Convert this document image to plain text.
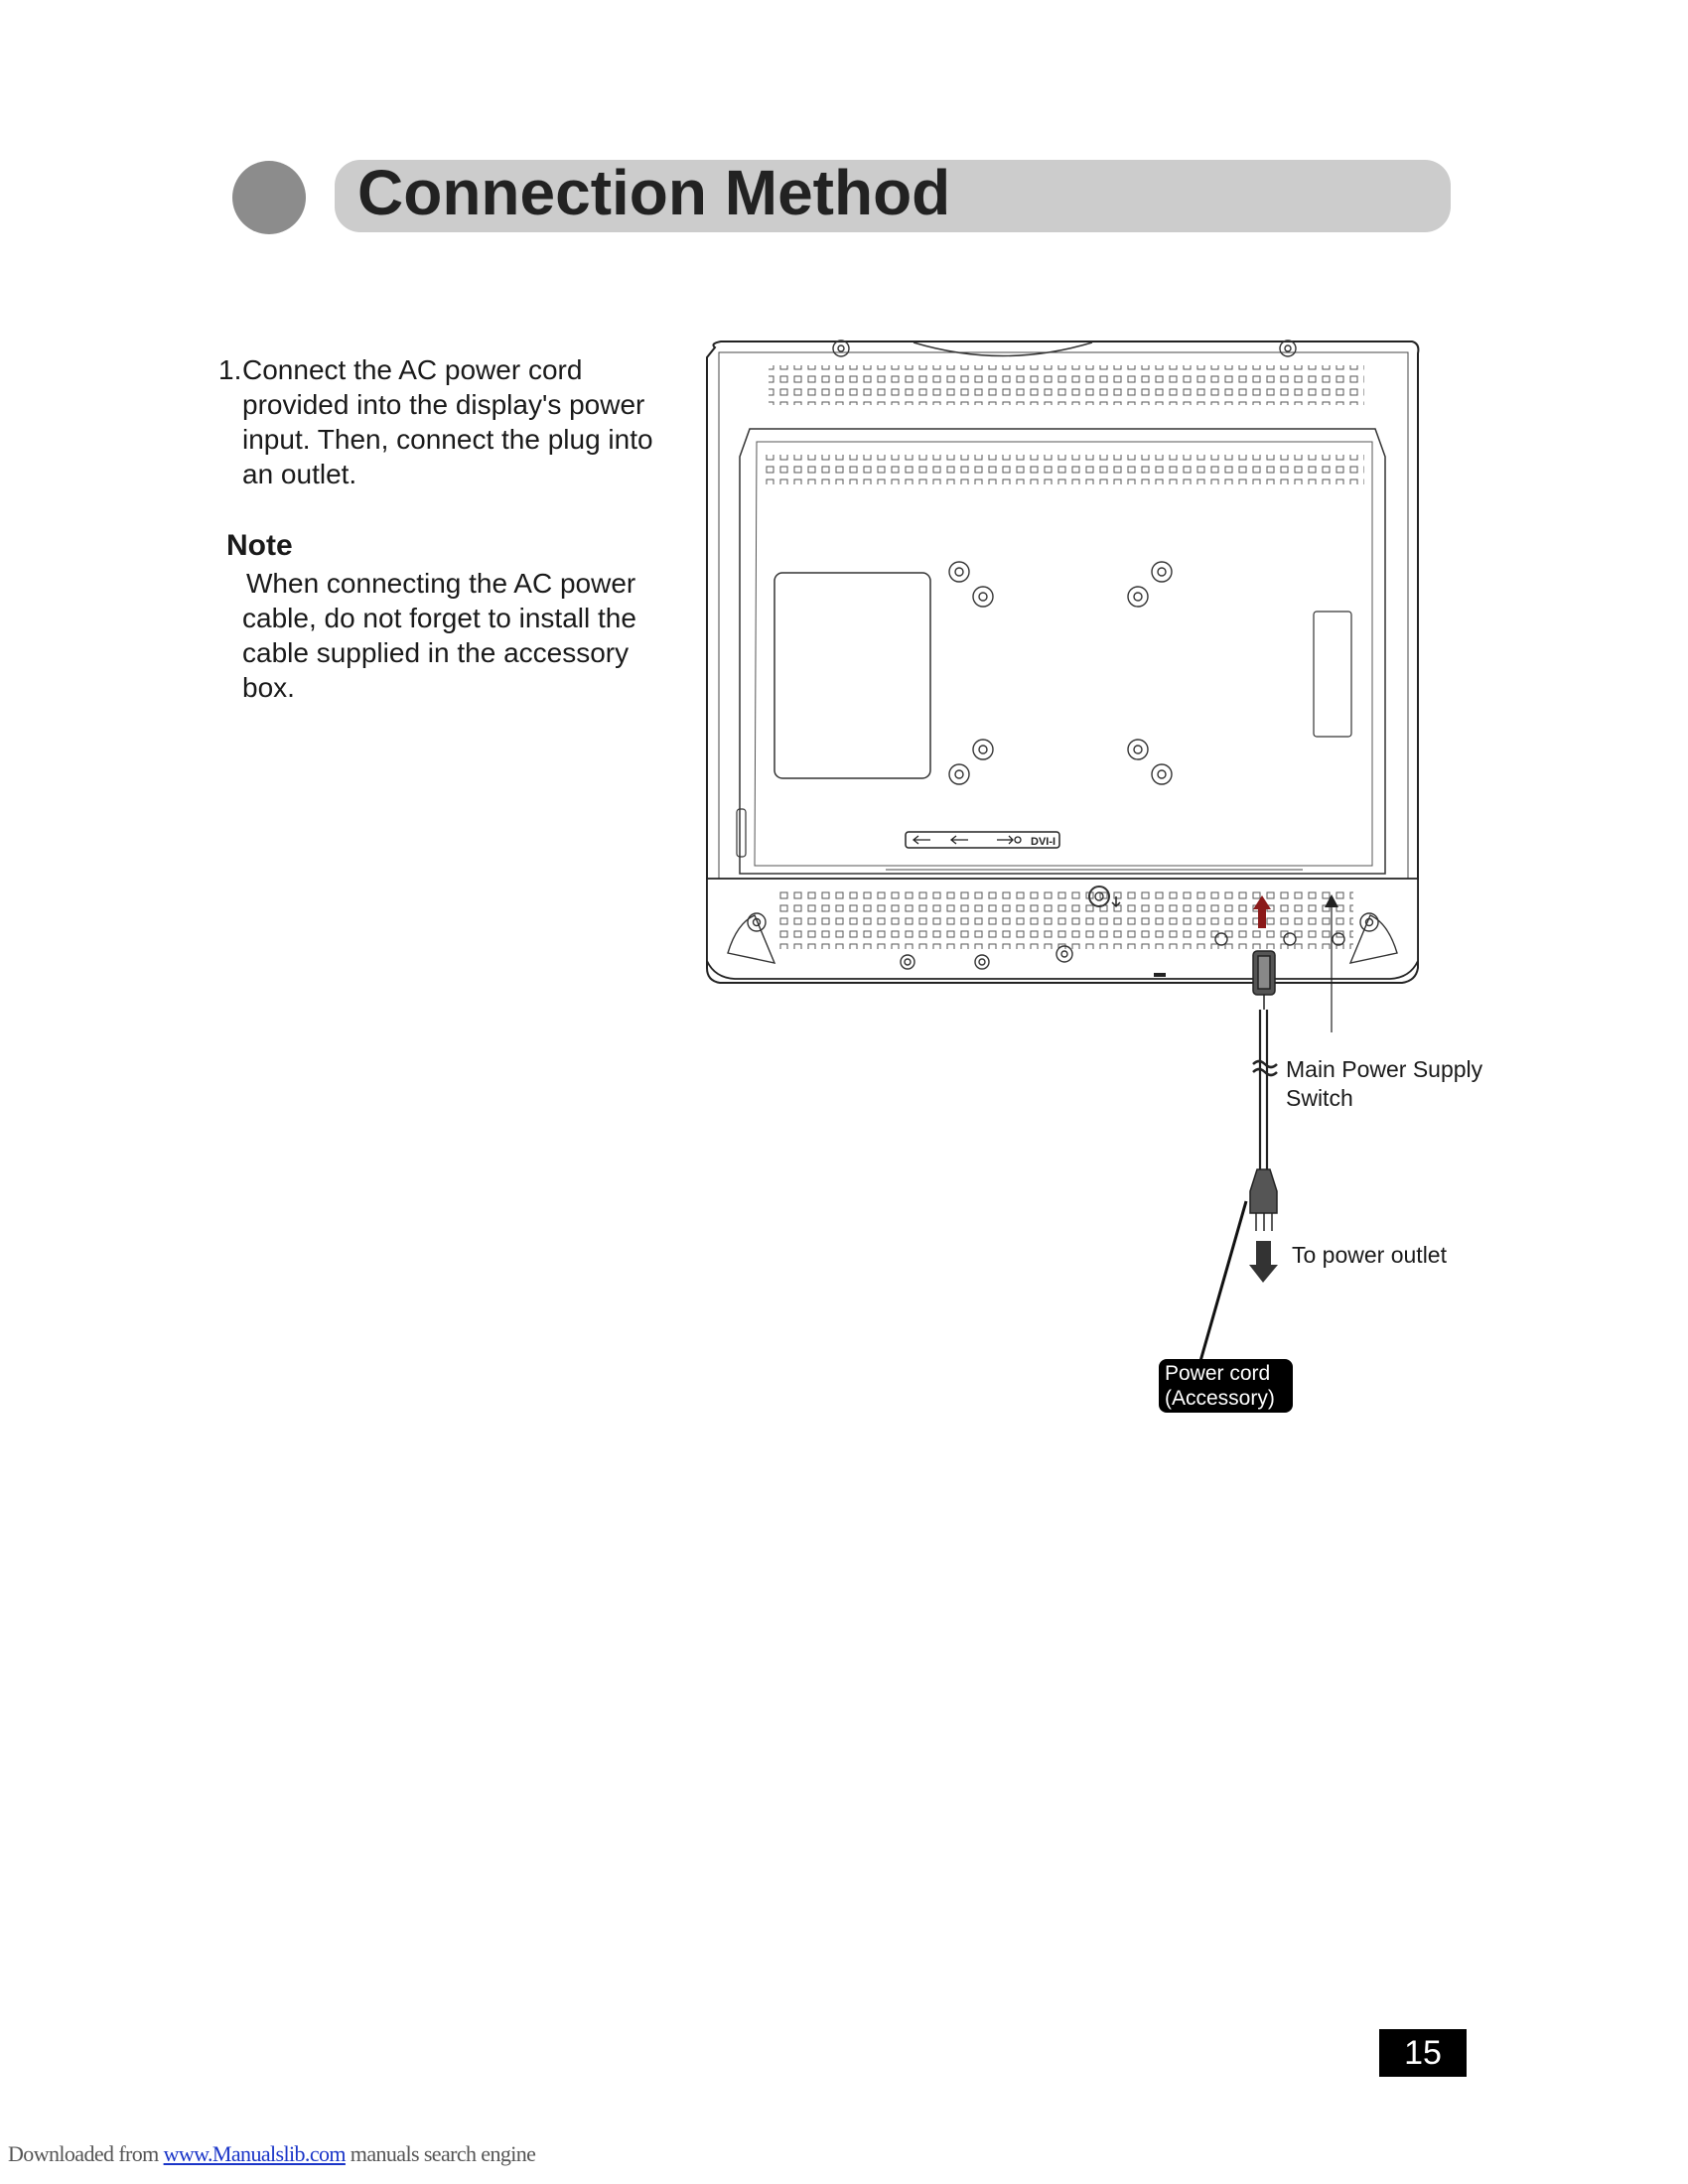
Connection Method
1. Connect the AC power cord provided into the display's power input. Then, connect the plug into an outlet.
Note
When connecting the AC power cable, do not forget to install the cable supplied in the accessory box.
DVI-I
Main Power Supply Switch
To power outlet
Power cord (Accessory)
15
Downloaded from www.Manualslib.com manuals search engine
